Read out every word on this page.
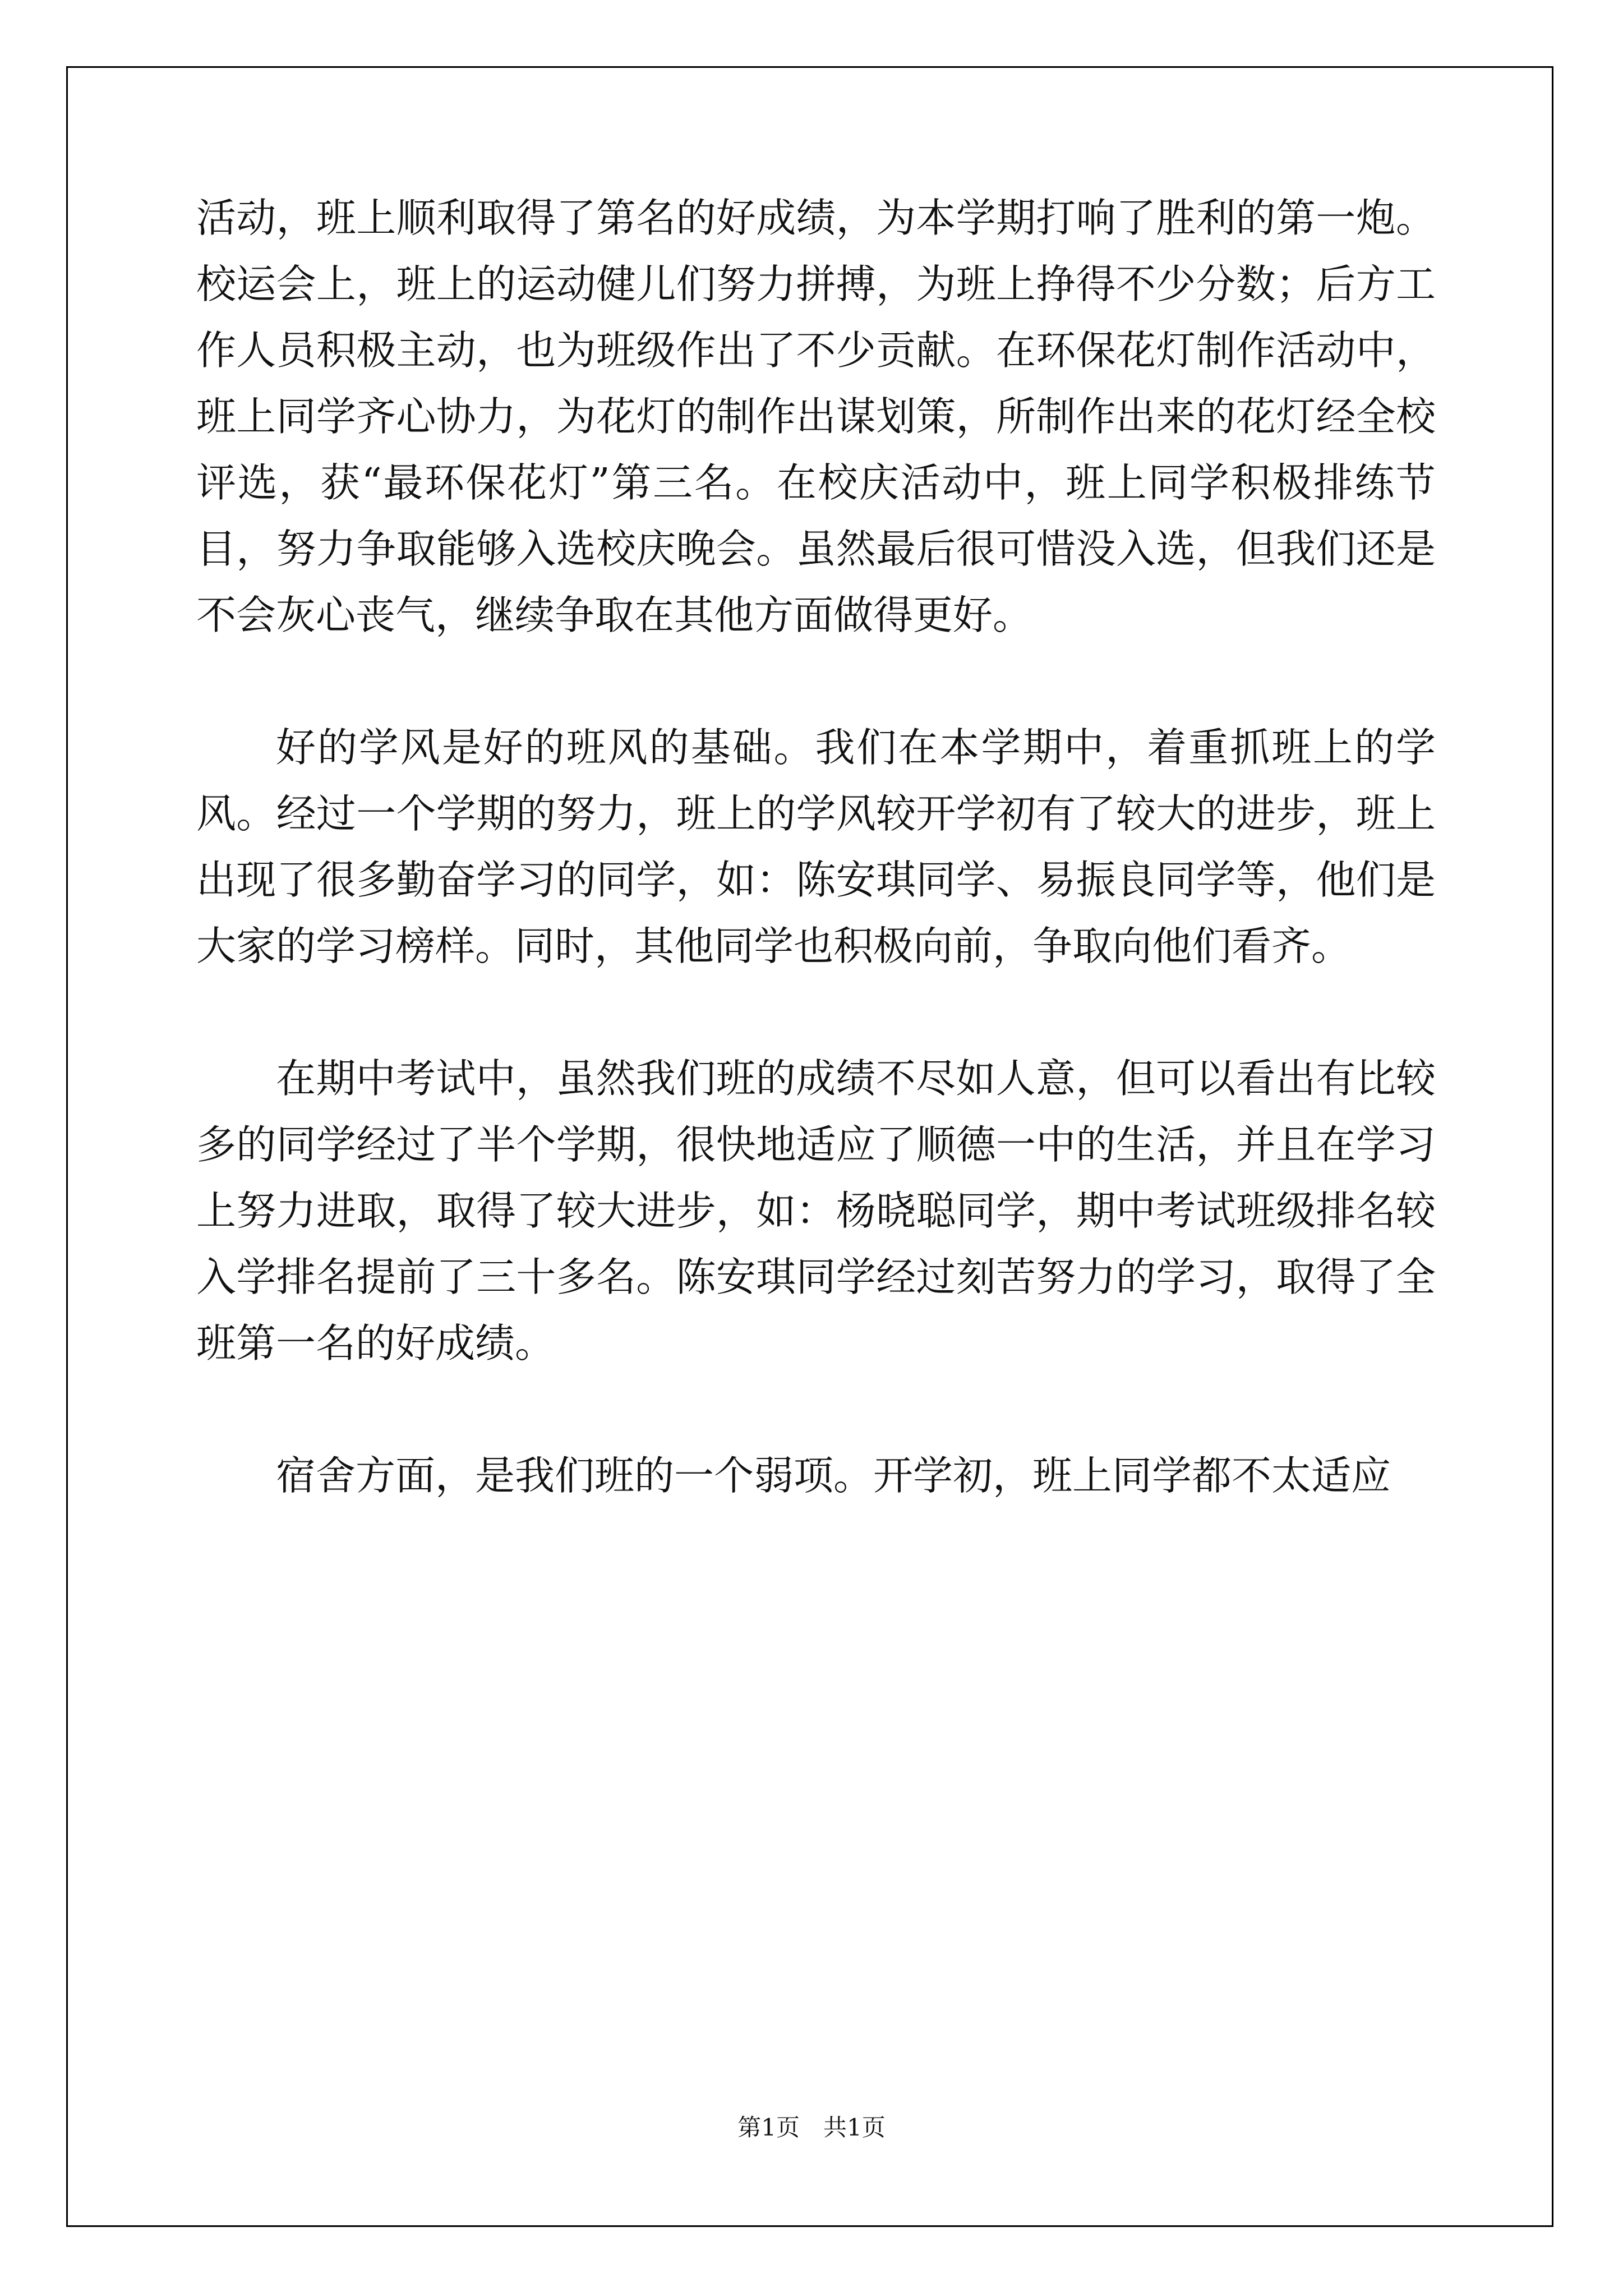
活动，班上顺利取得了第名的好成绩，为本学期打响了胜利的第一炮。校运会上，班上的运动健儿们努力拼搏，为班上挣得不少分数；后方工作人员积极主动，也为班级作出了不少贡献。在环保花灯制作活动中，班上同学齐心协力，为花灯的制作出谋划策，所制作出来的花灯经全校评选，获“最环保花灯”第三名。在校庆活动中，班上同学积极排练节目，努力争取能够入选校庆晚会。虽然最后很可惜没入选，但我们还是不会灰心丧气，继续争取在其他方面做得更好。

好的学风是好的班风的基础。我们在本学期中，着重抓班上的学风。经过一个学期的努力，班上的学风较开学初有了较大的进步，班上出现了很多勤奋学习的同学，如：陈安琪同学、易振良同学等，他们是大家的学习榜样。同时，其他同学也积极向前，争取向他们看齐。

在期中考试中，虽然我们班的成绩不尽如人意，但可以看出有比较多的同学经过了半个学期，很快地适应了顺德一中的生活，并且在学习上努力进取，取得了较大进步，如：杨晓聪同学，期中考试班级排名较入学排名提前了三十多名。陈安琪同学经过刻苦努力的学习，取得了全班第一名的好成绩。

宿舍方面，是我们班的一个弱项。开学初，班上同学都不太适应

第1页　共1页
